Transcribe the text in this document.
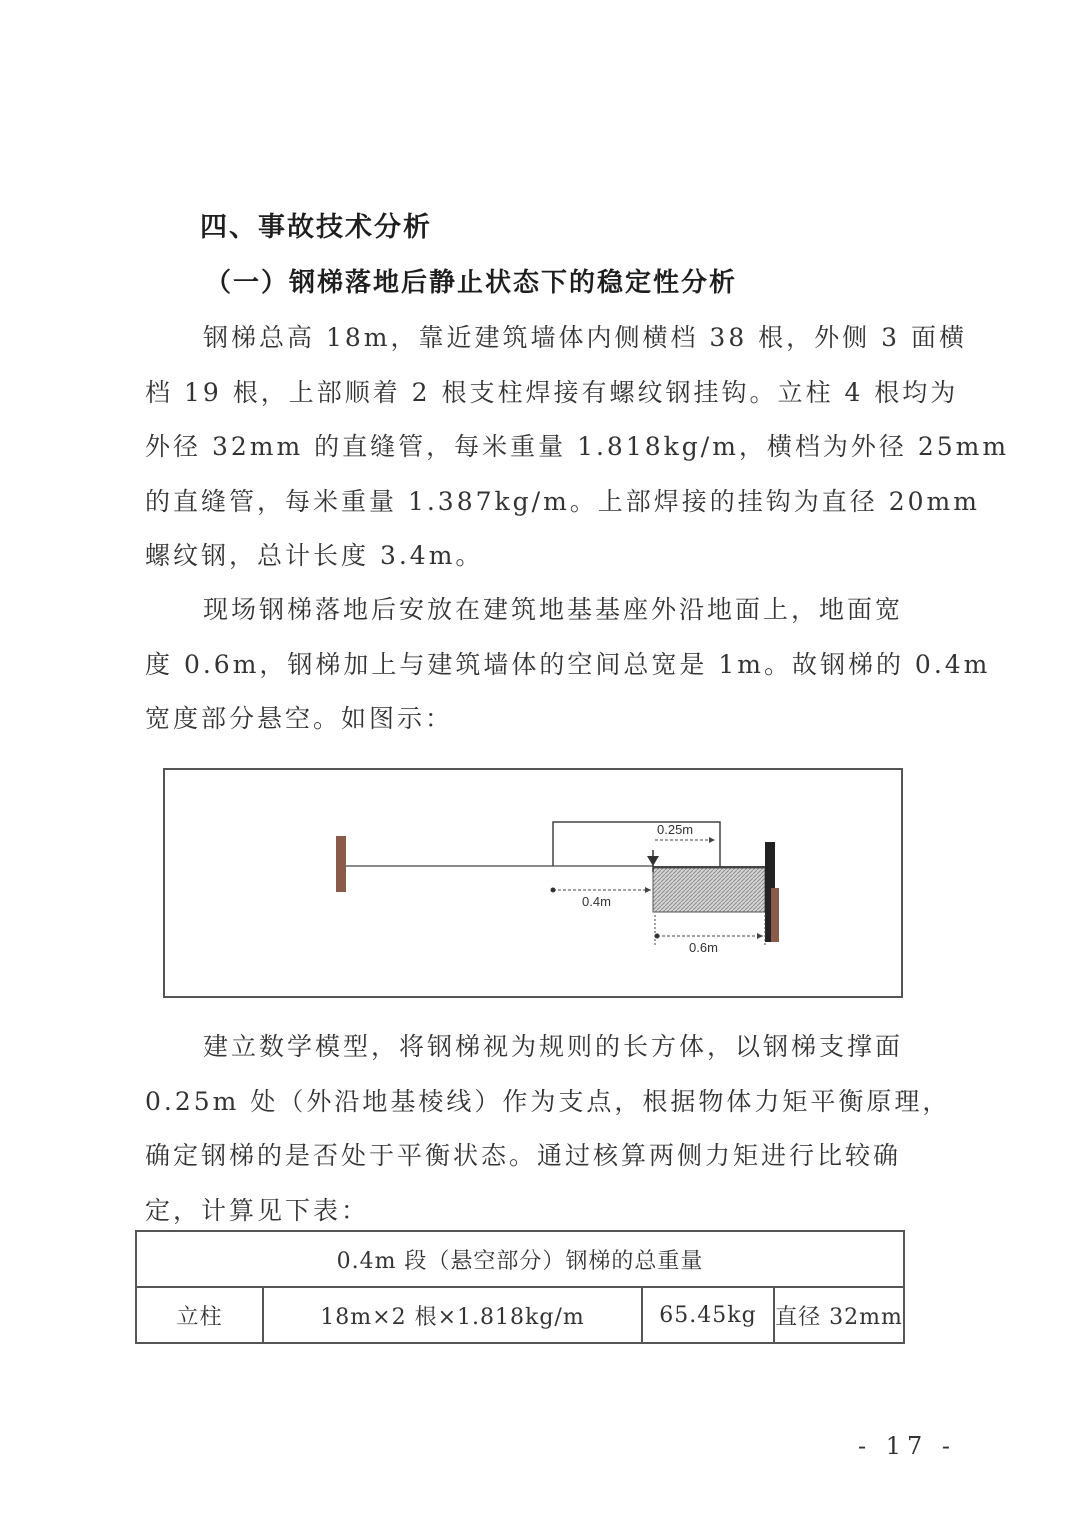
四、事故技术分析
（一）钢梯落地后静止状态下的稳定性分析

钢梯总高 18m，靠近建筑墙体内侧横档 38 根，外侧 3 面横
档 19 根，上部顺着 2 根支柱焊接有螺纹钢挂钩。立柱 4 根均为
外径 32mm 的直缝管，每米重量 1.818kg/m，横档为外径 25mm
的直缝管，每米重量 1.387kg/m。上部焊接的挂钩为直径 20mm
螺纹钢，总计长度 3.4m。

现场钢梯落地后安放在建筑地基基座外沿地面上，地面宽
度 0.6m，钢梯加上与建筑墙体的空间总宽是 1m。故钢梯的 0.4m
宽度部分悬空。如图示：

0.25m
0.4m
0.6m

建立数学模型，将钢梯视为规则的长方体，以钢梯支撑面
0.25m 处（外沿地基棱线）作为支点，根据物体力矩平衡原理，
确定钢梯的是否处于平衡状态。通过核算两侧力矩进行比较确
定，计算见下表：

0.4m 段（悬空部分）钢梯的总重量
立柱	18m×2 根×1.818kg/m	65.45kg	直径 32mm
- 17 -
